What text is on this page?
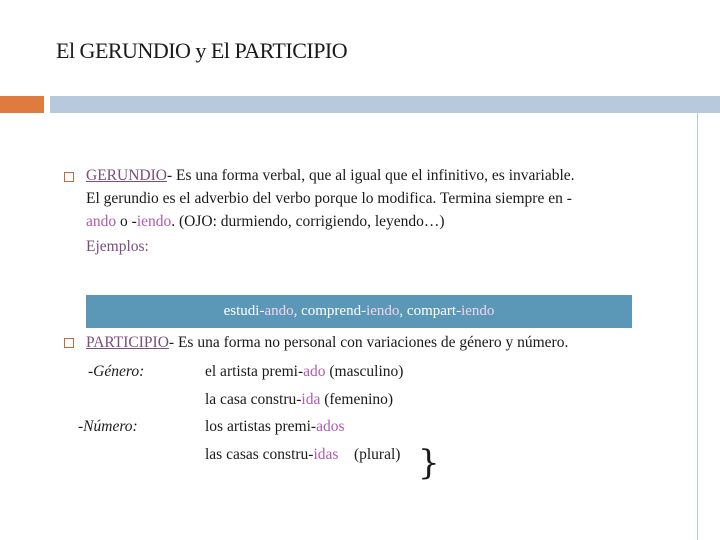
El GERUNDIO y El PARTICIPIO
GERUNDIO- Es una forma verbal, que al igual que el infinitivo, es invariable.
El gerundio es el adverbio del verbo porque lo modifica. Termina siempre en -
ando o -iendo. (OJO: durmiendo, corrigiendo, leyendo…)
Ejemplos:
estudi-ando, comprend-iendo, compart-iendo
PARTICIPIO- Es una forma no personal con variaciones de género y número.
-Género:
-Número:
el artista premi-ado (masculino)
la casa constru-ida (femenino)
los artistas premi-ados
las casas constru-idas    (plural) }
